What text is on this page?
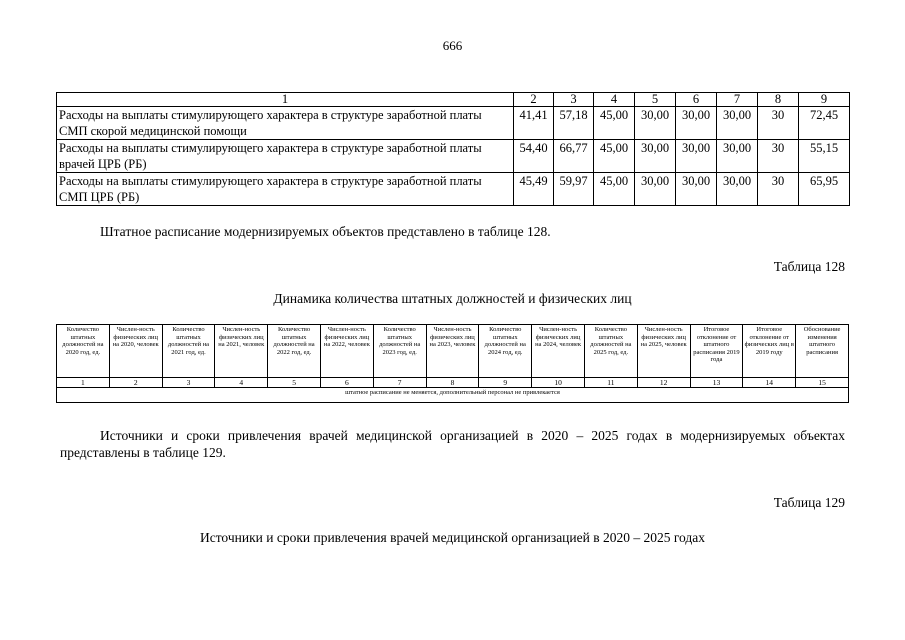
666
1	2	3	4	5	6	7	8	9
Расходы на выплаты стимулирующего характера в структуре заработной платы СМП скорой медицинской помощи	41,41	57,18	45,00	30,00	30,00	30,00	30	72,45
Расходы на выплаты стимулирующего характера в структуре заработной платы врачей ЦРБ (РБ)	54,40	66,77	45,00	30,00	30,00	30,00	30	55,15
Расходы на выплаты стимулирующего характера в структуре заработной платы СМП ЦРБ (РБ)	45,49	59,97	45,00	30,00	30,00	30,00	30	65,95
Штатное расписание модернизируемых объектов представлено в таблице 128.
Таблица 128
Динамика количества штатных должностей и физических лиц
Количество штатных должностей на 2020 год, ед.	Числен-ность физических лиц на 2020, человек	Количество штатных должностей на 2021 год, ед.	Числен-ность физических лиц на 2021, человек	Количество штатных должностей на 2022 год, ед.	Числен-ность физических лиц на 2022, человек	Количество штатных должностей на 2023 год, ед.	Числен-ность физических лиц на 2023, человек	Количество штатных должностей на 2024 год, ед.	Числен-ность физических лиц на 2024, человек	Количество штатных должностей на 2025 год, ед.	Числен-ность физических лиц на 2025, человек	Итоговое отклонение от штатного расписания 2019 года	Итоговое отклонение от физических лиц в 2019 году	Обоснование изменения штатного расписания
1	2	3	4	5	6	7	8	9	10	11	12	13	14	15
штатное расписание не меняется, дополнительный персонал не привлекается														
Источники и сроки привлечения врачей медицинской организацией в 2020 – 2025 годах в модернизируемых объектах представлены в таблице 129.
Таблица 129
Источники и сроки привлечения врачей медицинской организацией в 2020 – 2025 годах
